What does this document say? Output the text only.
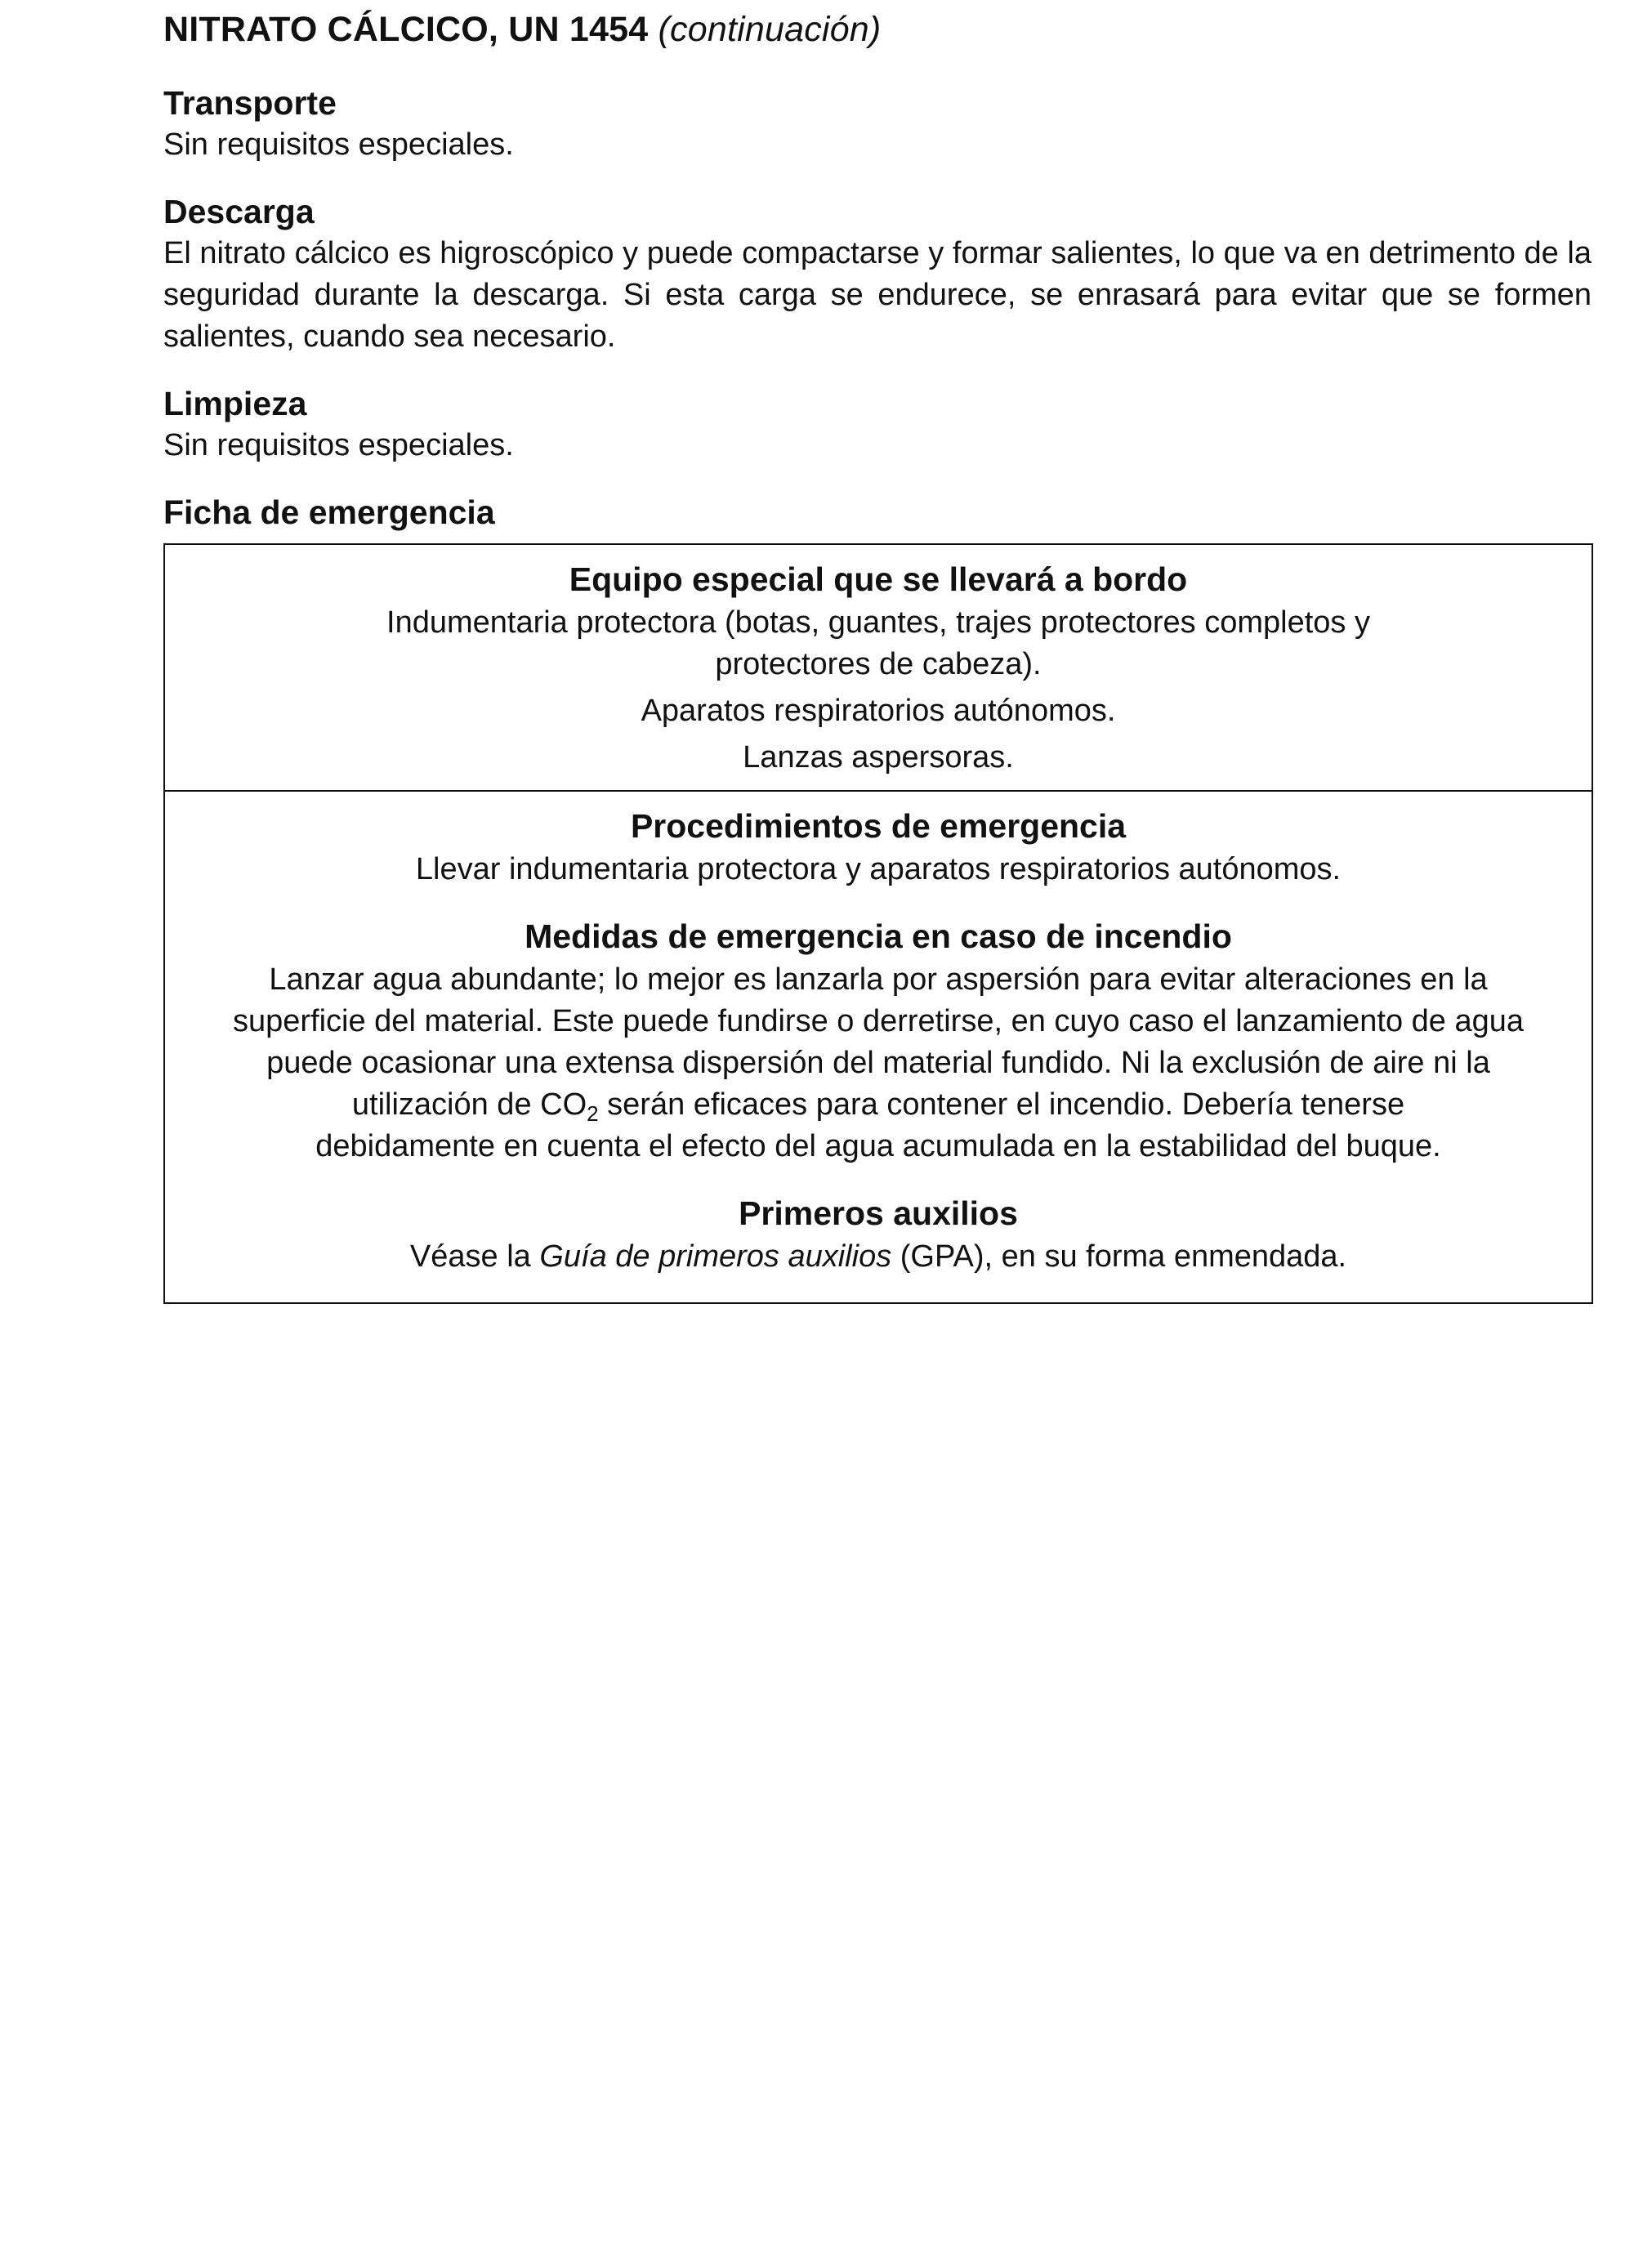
NITRATO CÁLCICO, UN 1454 (continuación)
Transporte

Sin requisitos especiales.

Descarga

El nitrato cálcico es higroscópico y puede compactarse y formar salientes, lo que va en detrimento de la seguridad durante la descarga. Si esta carga se endurece, se enrasará para evitar que se formen salientes, cuando sea necesario.

Limpieza

Sin requisitos especiales.

Ficha de emergencia
Equipo especial que se llevará a bordo

Indumentaria protectora (botas, guantes, trajes protectores completos y

protectores de cabeza).

Aparatos respiratorios autónomos.

Lanzas aspersoras.

Procedimientos de emergencia

Llevar indumentaria protectora y aparatos respiratorios autónomos.

Medidas de emergencia en caso de incendio

Lanzar agua abundante; lo mejor es lanzarla por aspersión para evitar alteraciones en la

superficie del material. Este puede fundirse o derretirse, en cuyo caso el lanzamiento de agua

puede ocasionar una extensa dispersión del material fundido. Ni la exclusión de aire ni la

utilización de $CO_2$ serán eficaces para contener el incendio. Debería tenerse

debidamente en cuenta el efecto del agua acumulada en la estabilidad del buque.

Primeros auxilios

Véase la Guía de primeros auxilios (GPA), en su forma enmendada.
